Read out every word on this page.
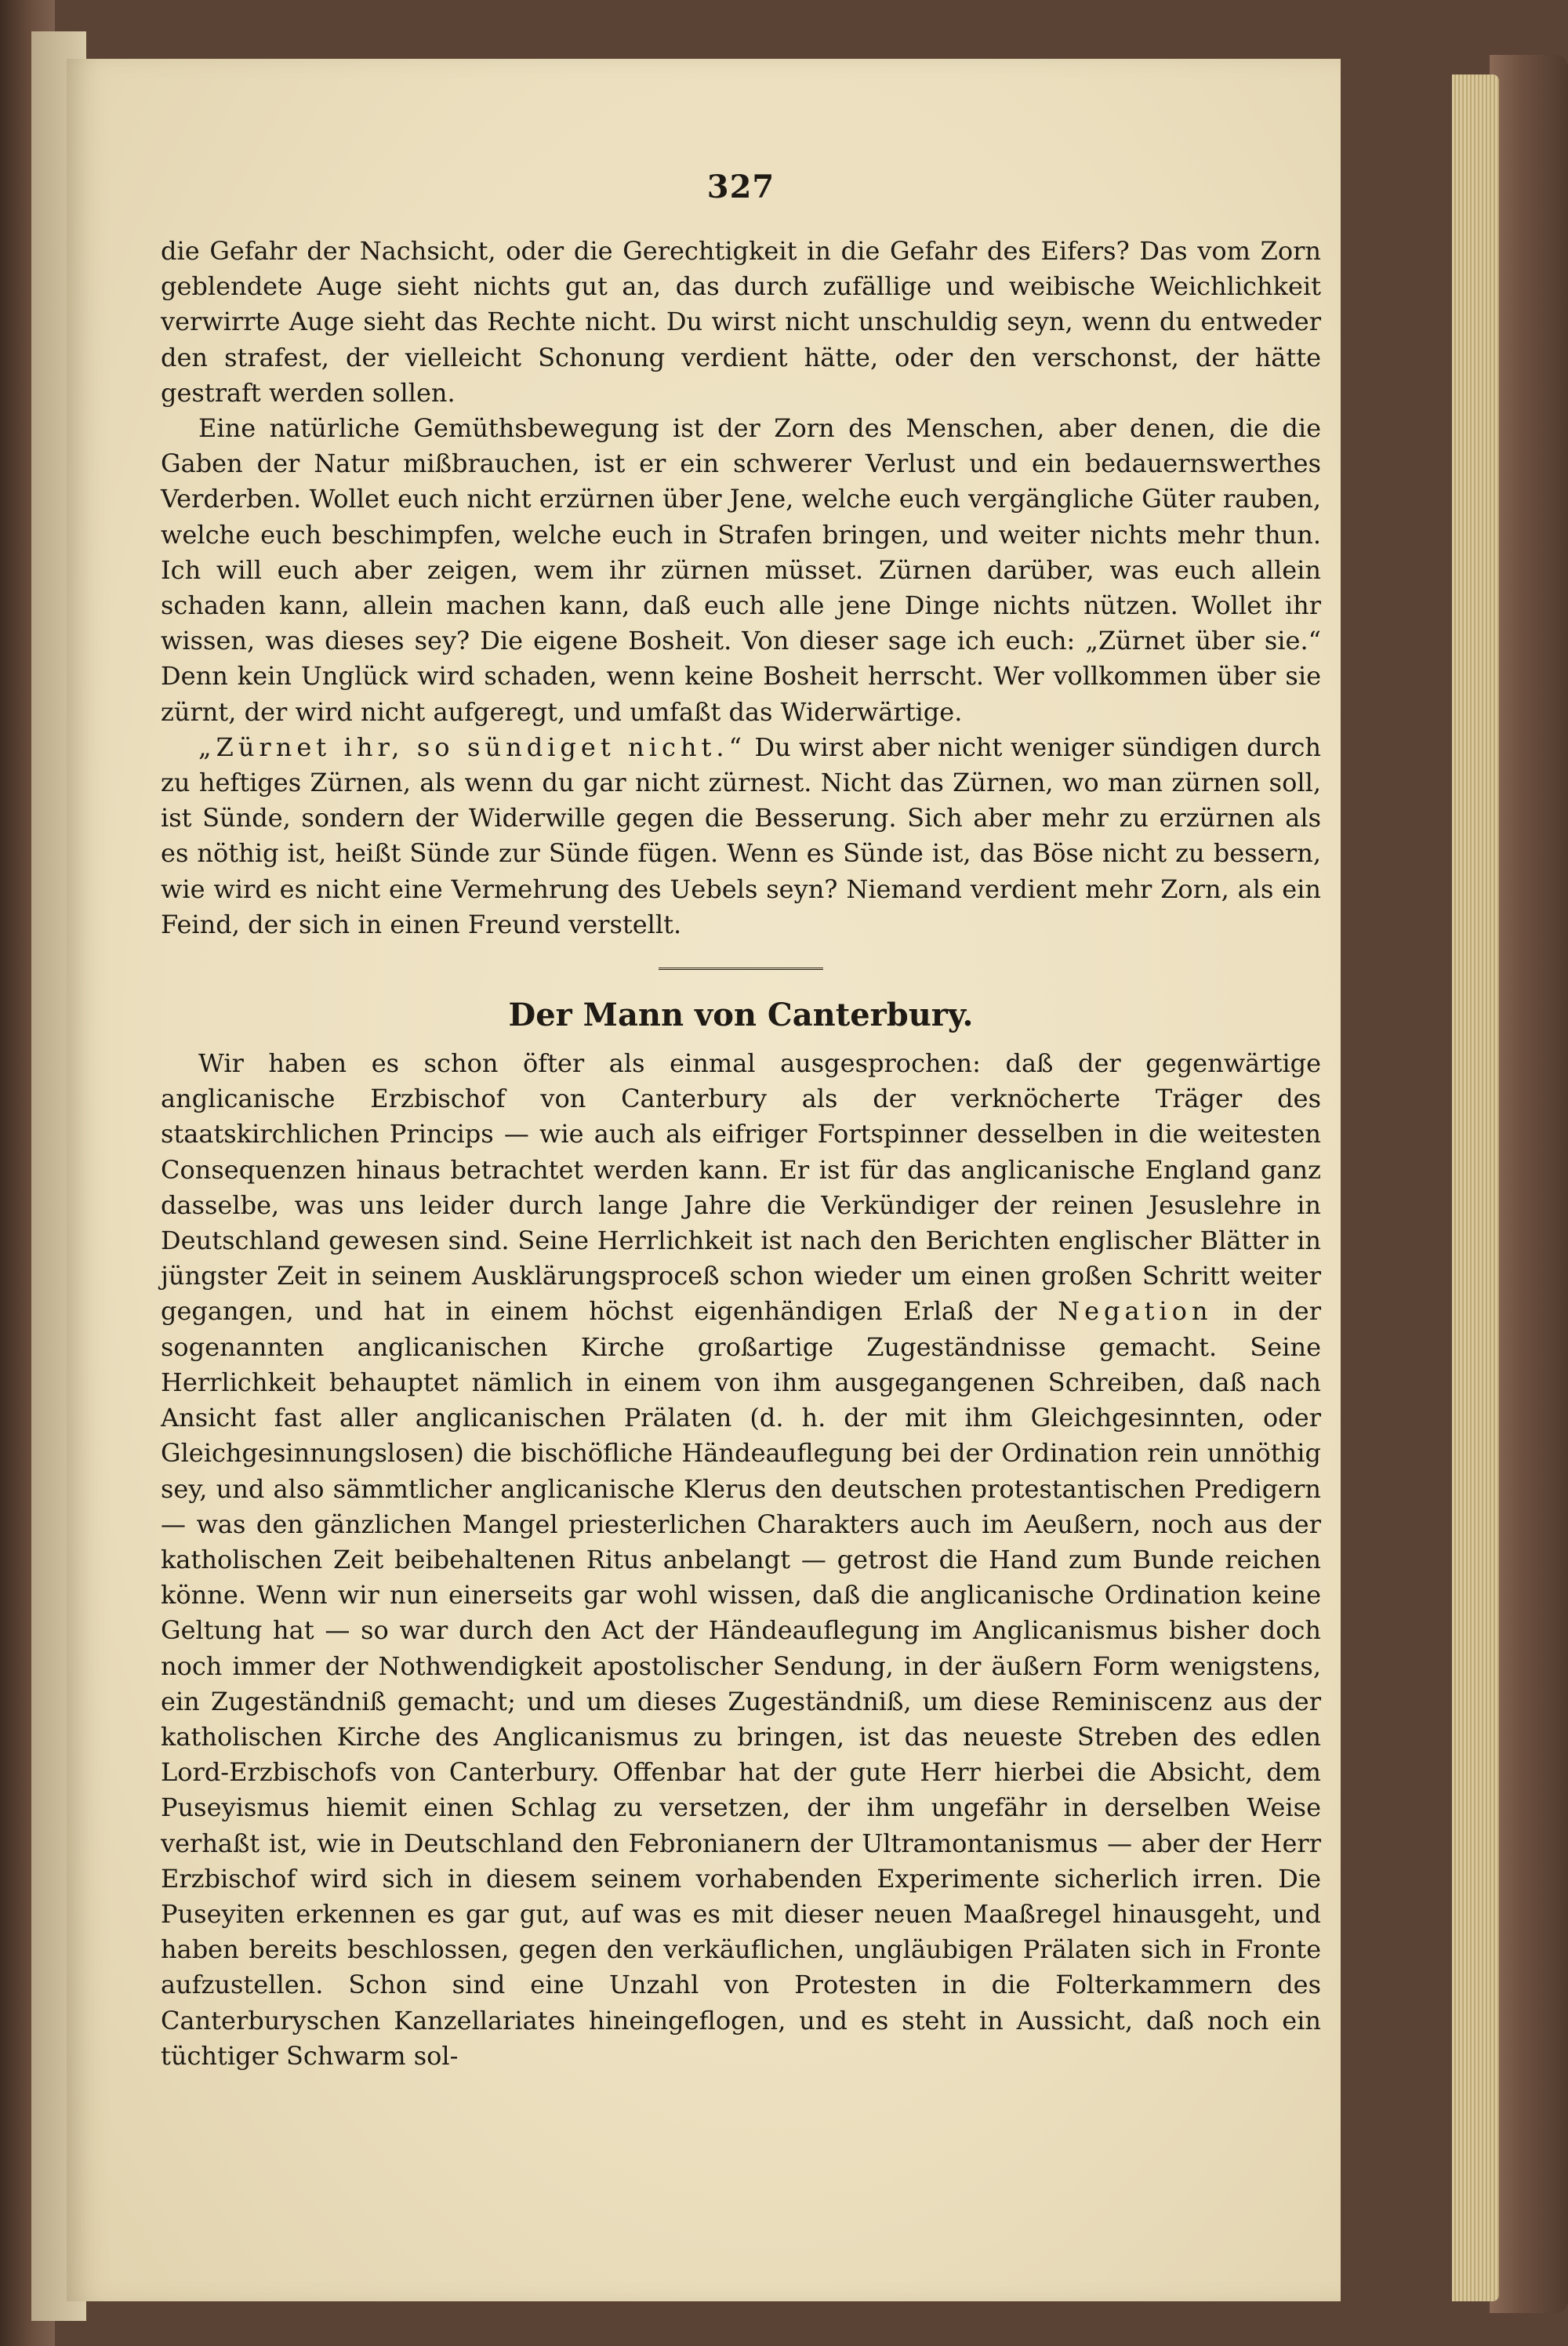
327

die Gefahr der Nachsicht, oder die Gerechtigkeit in die Gefahr des Eifers? Das vom Zorn geblendete Auge sieht nichts gut an, das durch zufällige und weibische Weichlichkeit verwirrte Auge sieht das Rechte nicht. Du wirst nicht unschuldig seyn, wenn du entweder den strafest, der vielleicht Schonung verdient hätte, oder den verschonst, der hätte gestraft werden sollen.

Eine natürliche Gemüthsbewegung ist der Zorn des Menschen, aber denen, die die Gaben der Natur mißbrauchen, ist er ein schwerer Verlust und ein bedauernswerthes Verderben. Wollet euch nicht erzürnen über Jene, welche euch vergängliche Güter rauben, welche euch beschimpfen, welche euch in Strafen bringen, und weiter nichts mehr thun. Ich will euch aber zeigen, wem ihr zürnen müsset. Zürnen darüber, was euch allein schaden kann, allein machen kann, daß euch alle jene Dinge nichts nützen. Wollet ihr wissen, was dieses sey? Die eigene Bosheit. Von dieser sage ich euch: „Zürnet über sie.“ Denn kein Unglück wird schaden, wenn keine Bosheit herrscht. Wer vollkommen über sie zürnt, der wird nicht aufgeregt, und umfaßt das Widerwärtige.

„Zürnet ihr, so sündiget nicht.“ Du wirst aber nicht weniger sündigen durch zu heftiges Zürnen, als wenn du gar nicht zürnest. Nicht das Zürnen, wo man zürnen soll, ist Sünde, sondern der Widerwille gegen die Besserung. Sich aber mehr zu erzürnen als es nöthig ist, heißt Sünde zur Sünde fügen. Wenn es Sünde ist, das Böse nicht zu bessern, wie wird es nicht eine Vermehrung des Uebels seyn? Niemand verdient mehr Zorn, als ein Feind, der sich in einen Freund verstellt.

Der Mann von Canterbury.

Wir haben es schon öfter als einmal ausgesprochen: daß der gegenwärtige anglicanische Erzbischof von Canterbury als der verknöcherte Träger des staatskirchlichen Princips — wie auch als eifriger Fortspinner desselben in die weitesten Consequenzen hinaus betrachtet werden kann. Er ist für das anglicanische England ganz dasselbe, was uns leider durch lange Jahre die Verkündiger der reinen Jesuslehre in Deutschland gewesen sind. Seine Herrlichkeit ist nach den Berichten englischer Blätter in jüngster Zeit in seinem Ausklärungsproceß schon wieder um einen großen Schritt weiter gegangen, und hat in einem höchst eigenhändigen Erlaß der Negation in der sogenannten anglicanischen Kirche großartige Zugeständnisse gemacht. Seine Herrlichkeit behauptet nämlich in einem von ihm ausgegangenen Schreiben, daß nach Ansicht fast aller anglicanischen Prälaten (d. h. der mit ihm Gleichgesinnten, oder Gleichgesinnungslosen) die bischöfliche Händeauflegung bei der Ordination rein unnöthig sey, und also sämmtlicher anglicanische Klerus den deutschen protestantischen Predigern — was den gänzlichen Mangel priesterlichen Charakters auch im Aeußern, noch aus der katholischen Zeit beibehaltenen Ritus anbelangt — getrost die Hand zum Bunde reichen könne. Wenn wir nun einerseits gar wohl wissen, daß die anglicanische Ordination keine Geltung hat — so war durch den Act der Händeauflegung im Anglicanismus bisher doch noch immer der Nothwendigkeit apostolischer Sendung, in der äußern Form wenigstens, ein Zugeständniß gemacht; und um dieses Zugeständniß, um diese Reminiscenz aus der katholischen Kirche des Anglicanismus zu bringen, ist das neueste Streben des edlen Lord-Erzbischofs von Canterbury. Offenbar hat der gute Herr hierbei die Absicht, dem Puseyismus hiemit einen Schlag zu versetzen, der ihm ungefähr in derselben Weise verhaßt ist, wie in Deutschland den Febronianern der Ultramontanismus — aber der Herr Erzbischof wird sich in diesem seinem vorhabenden Experimente sicherlich irren. Die Puseyiten erkennen es gar gut, auf was es mit dieser neuen Maaßregel hinausgeht, und haben bereits beschlossen, gegen den verkäuflichen, ungläubigen Prälaten sich in Fronte aufzustellen. Schon sind eine Unzahl von Protesten in die Folterkammern des Canterburyschen Kanzellariates hineingeflogen, und es steht in Aussicht, daß noch ein tüchtiger Schwarm sol-
